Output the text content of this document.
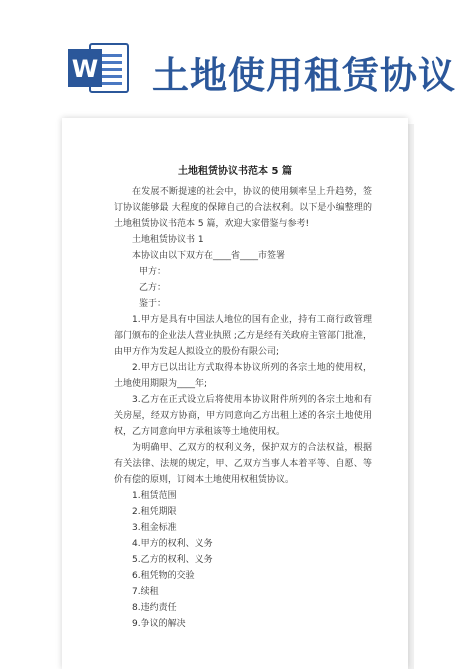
W 土地使用租赁协议
土地租赁协议书范本 5 篇

在发展不断提速的社会中，协议的使用频率呈上升趋势，签订协议能够最 大程度的保障自己的合法权利。以下是小编整理的土地租赁协议书范本 5 篇，欢迎大家借鉴与参考!

土地租赁协议书 1

本协议由以下双方在____省____市签署

甲方：

乙方：

鉴于：

1.甲方是具有中国法人地位的国有企业，持有工商行政管理部门颁布的企业法人营业执照 ;乙方是经有关政府主管部门批准，由甲方作为发起人拟设立的股份有限公司;

2.甲方已以出让方式取得本协议所列的各宗土地的使用权，土地使用期限为____年;

3.乙方在正式设立后将使用本协议附件所列的各宗土地和有关房屋，经双方协商，甲方同意向乙方出租上述的各宗土地使用权，乙方同意向甲方承租该等土地使用权。

为明确甲、乙双方的权利义务，保护双方的合法权益，根据有关法律、法规的规定，甲、乙双方当事人本着平等、自愿、等价有偿的原则，订阅本土地使用权租赁协议。

1.租赁范围

2.租凭期限

3.租金标准

4.甲方的权利、义务

5.乙方的权利、义务

6.租凭物的交验

7.续租

8.违约责任

9.争议的解决
